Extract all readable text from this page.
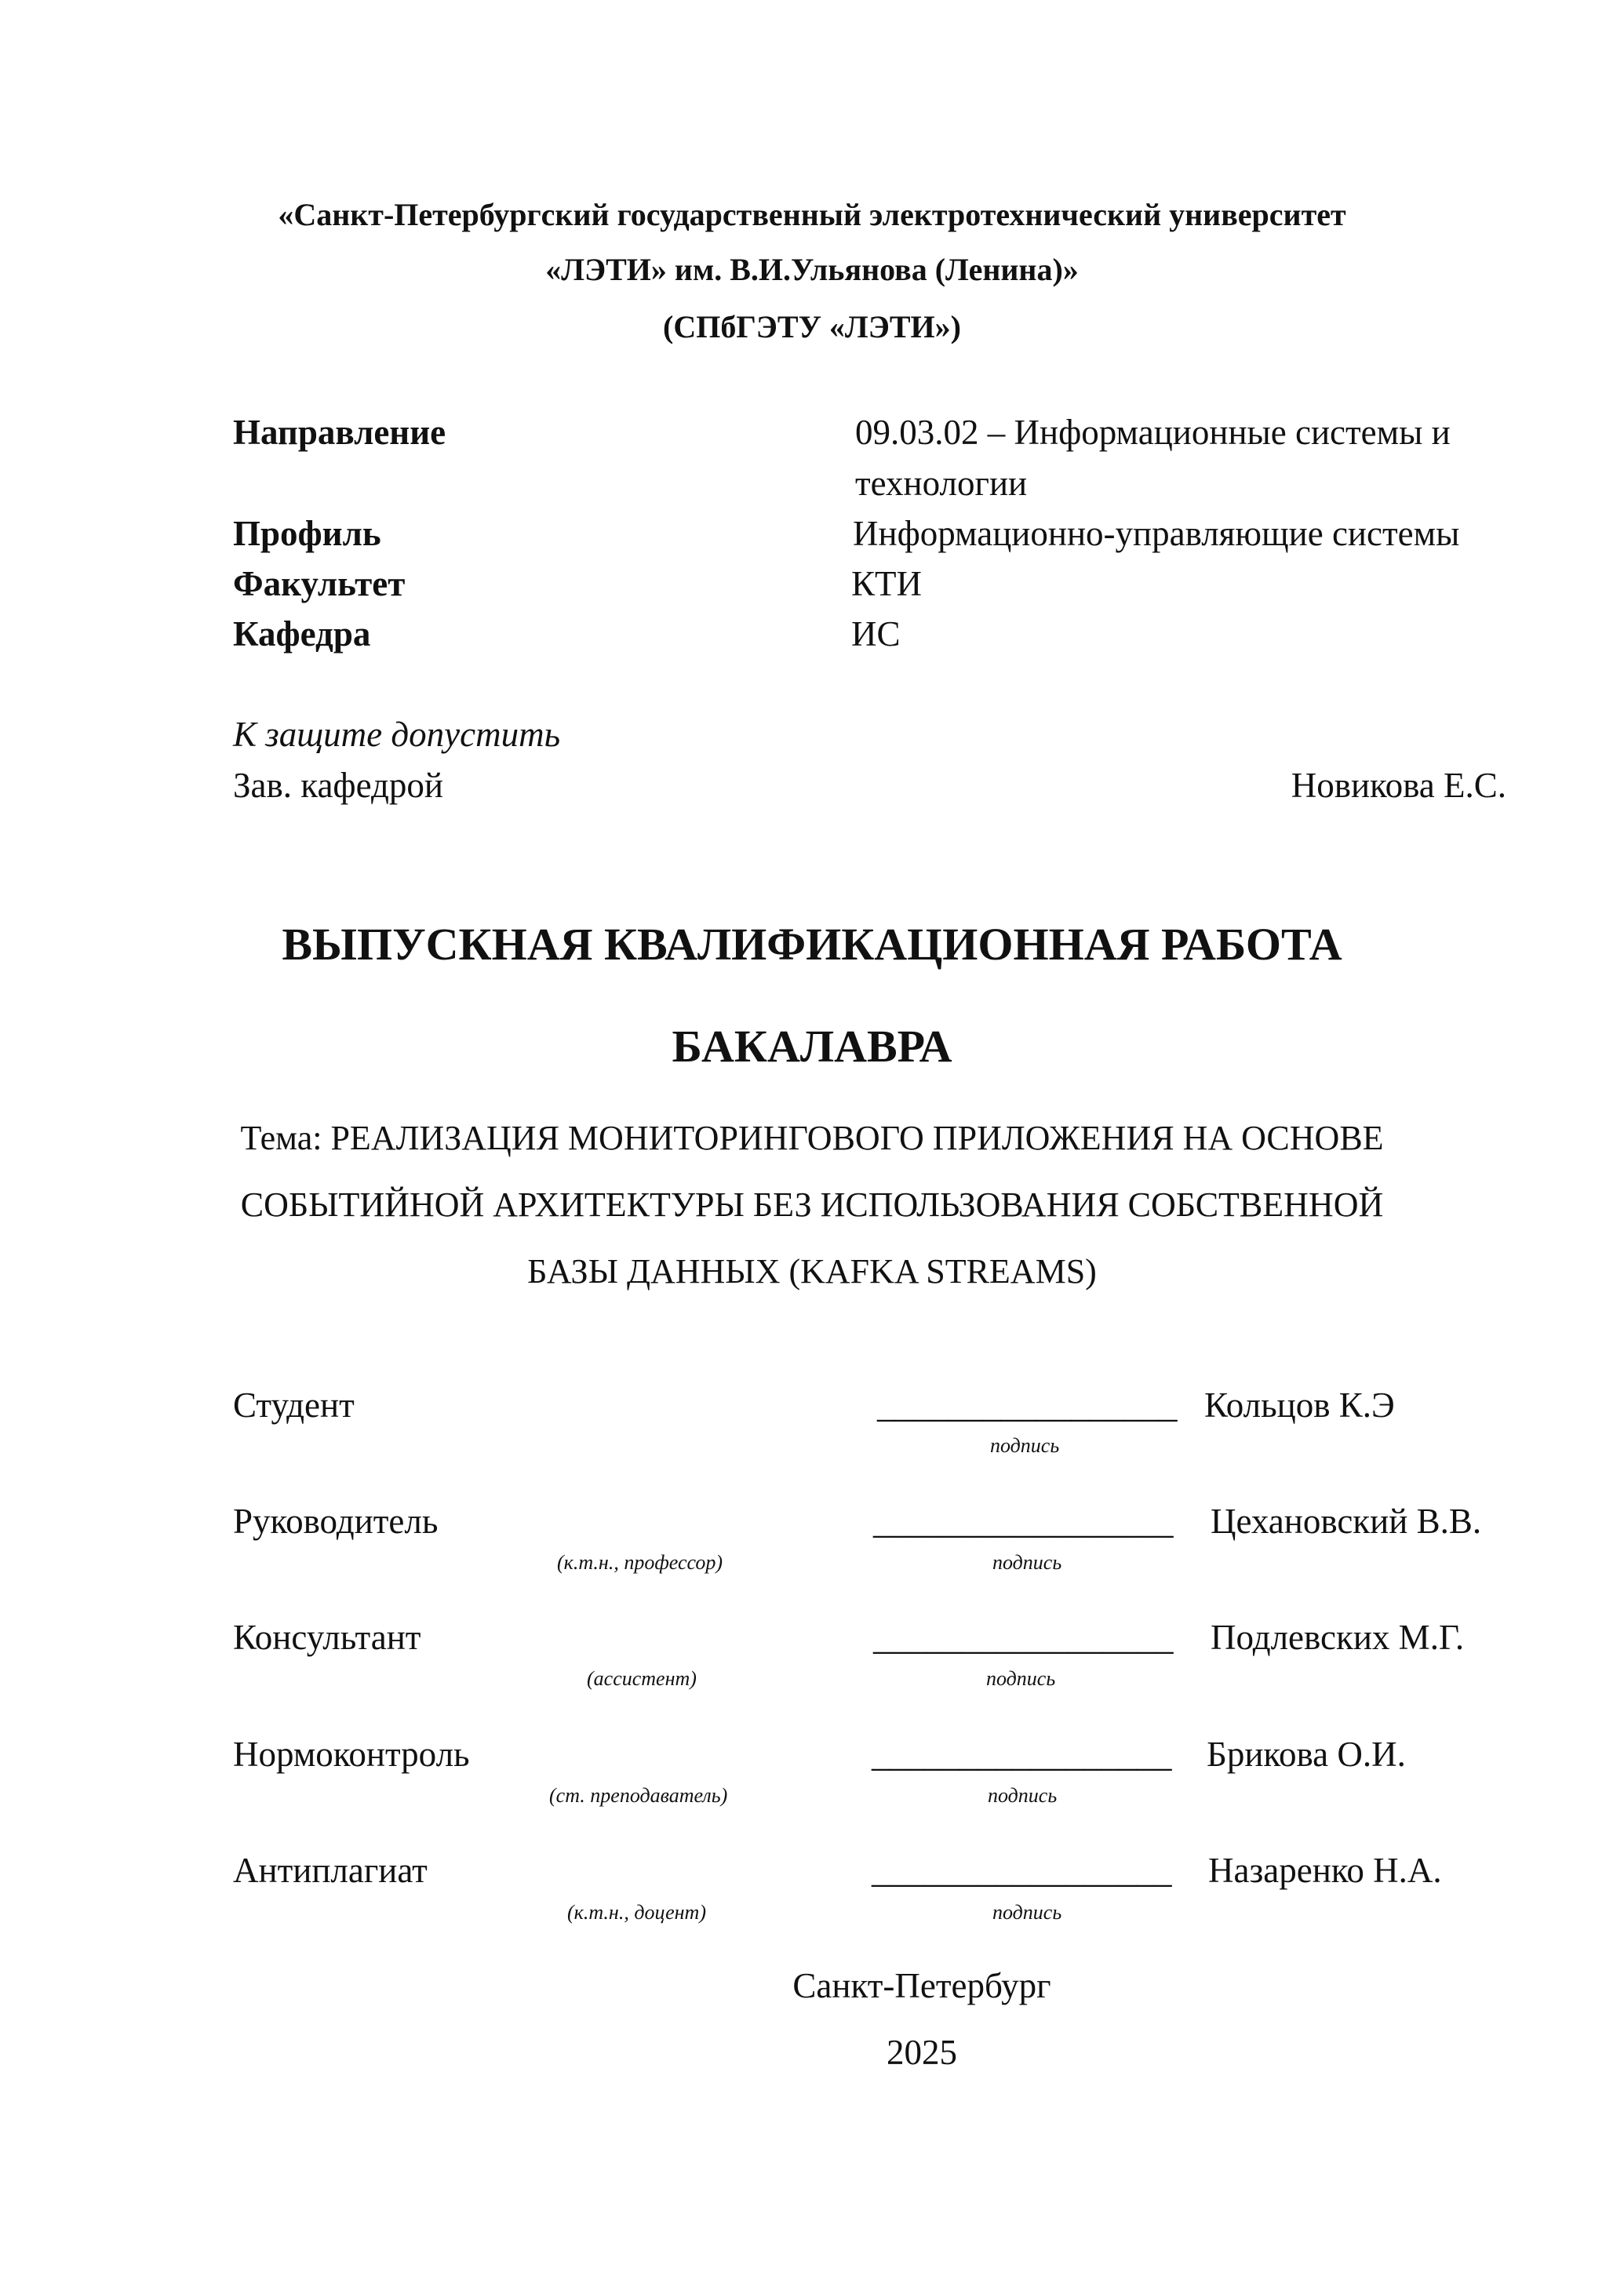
«Санкт-Петербургский государственный электротехнический университет
«ЛЭТИ» им. В.И.Ульянова (Ленина)»
(СПбГЭТУ «ЛЭТИ»)
Направление	09.03.02 – Информационные системы и
технологии
Профиль	Информационно-управляющие системы
Факультет	КТИ
Кафедра	ИС
К защите допустить
Зав. кафедрой	Новикова Е.С.
ВЫПУСКНАЯ КВАЛИФИКАЦИОННАЯ РАБОТА
БАКАЛАВРА
Тема: РЕАЛИЗАЦИЯ МОНИТОРИНГОВОГО ПРИЛОЖЕНИЯ НА ОСНОВЕ
СОБЫТИЙНОЙ АРХИТЕКТУРЫ БЕЗ ИСПОЛЬЗОВАНИЯ СОБСТВЕННОЙ
БАЗЫ ДАННЫХ (KAFKA STREAMS)
Студент	_________________ Кольцов К.Э
подпись
Руководитель	_________________ Цехановский В.В.
(к.т.н., профессор)	подпись
Консультант	_________________ Подлевских М.Г.
(ассистент)	подпись
Нормоконтроль	_________________ Брикова О.И.
(ст. преподаватель)	подпись
Антиплагиат	_________________ Назаренко Н.А.
(к.т.н., доцент)	подпись
Санкт-Петербург
2025
